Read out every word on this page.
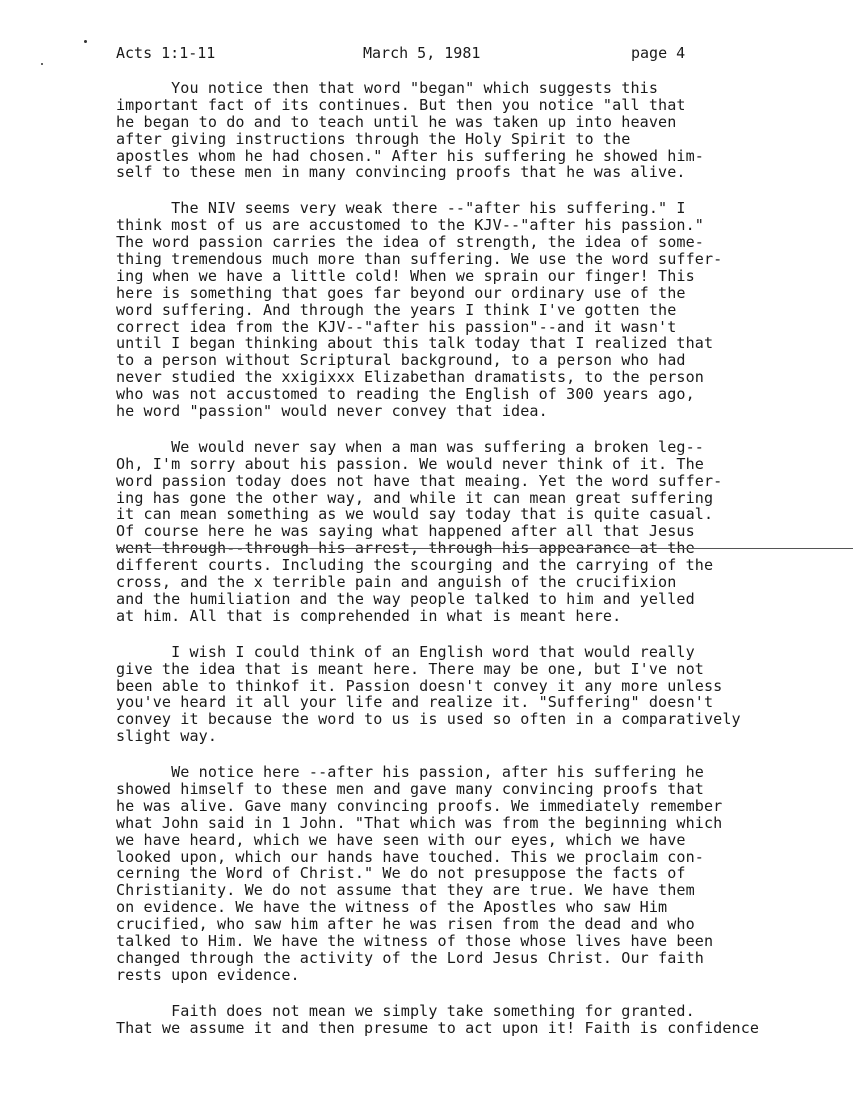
Acts 1:1-11	March 5, 1981	page 4
You notice then that word "began" which suggests this
important fact of its continues. But then you notice "all that
he began to do and to teach until he was taken up into heaven
after giving instructions through the Holy Spirit to the
apostles whom he had chosen." After his suffering he showed him-
self to these men in many convincing proofs that he was alive.
The NIV seems very weak there --"after his suffering." I
think most of us are accustomed to the KJV--"after his passion."
The word passion carries the idea of strength, the idea of some-
thing tremendous much more than suffering. We use the word suffer-
ing when we have a little cold! When we sprain our finger! This
here is something that goes far beyond our ordinary use of the
word suffering. And through the years I think I've gotten the
correct idea from the KJV--"after his passion"--and it wasn't
until I began thinking about this talk today that I realized that
to a person without Scriptural background, to a person who had
never studied the xxigixxx Elizabethan dramatists, to the person
who was not accustomed to reading the English of 300 years ago,
he word "passion" would never convey that idea.
We would never say when a man was suffering a broken leg--
Oh, I'm sorry about his passion. We would never think of it. The
word passion today does not have that meaing. Yet the word suffer-
ing has gone the other way, and while it can mean great suffering
it can mean something as we would say today that is quite casual.
Of course here he was saying what happened after all that Jesus
went through--through his arrest, through his appearance at the
different courts. Including the scourging and the carrying of the
cross, and the x terrible pain and anguish of the crucifixion
and the humiliation and the way people talked to him and yelled
at him. All that is comprehended in what is meant here.
I wish I could think of an English word that would really
give the idea that is meant here. There may be one, but I've not
been able to thinkof it. Passion doesn't convey it any more unless
you've heard it all your life and realize it. "Suffering" doesn't
convey it because the word to us is used so often in a comparatively
slight way.
We notice here --after his passion, after his suffering he
showed himself to these men and gave many convincing proofs that
he was alive. Gave many convincing proofs. We immediately remember
what John said in 1 John. "That which was from the beginning which
we have heard, which we have seen with our eyes, which we have
looked upon, which our hands have touched. This we proclaim con-
cerning the Word of Christ." We do not presuppose the facts of
Christianity. We do not assume that they are true. We have them
on evidence. We have the witness of the Apostles who saw Him
crucified, who saw him after he was risen from the dead and who
talked to Him. We have the witness of those whose lives have been
changed through the activity of the Lord Jesus Christ. Our faith
rests upon evidence.
Faith does not mean we simply take something for granted.
That we assume it and then presume to act upon it! Faith is confidence
